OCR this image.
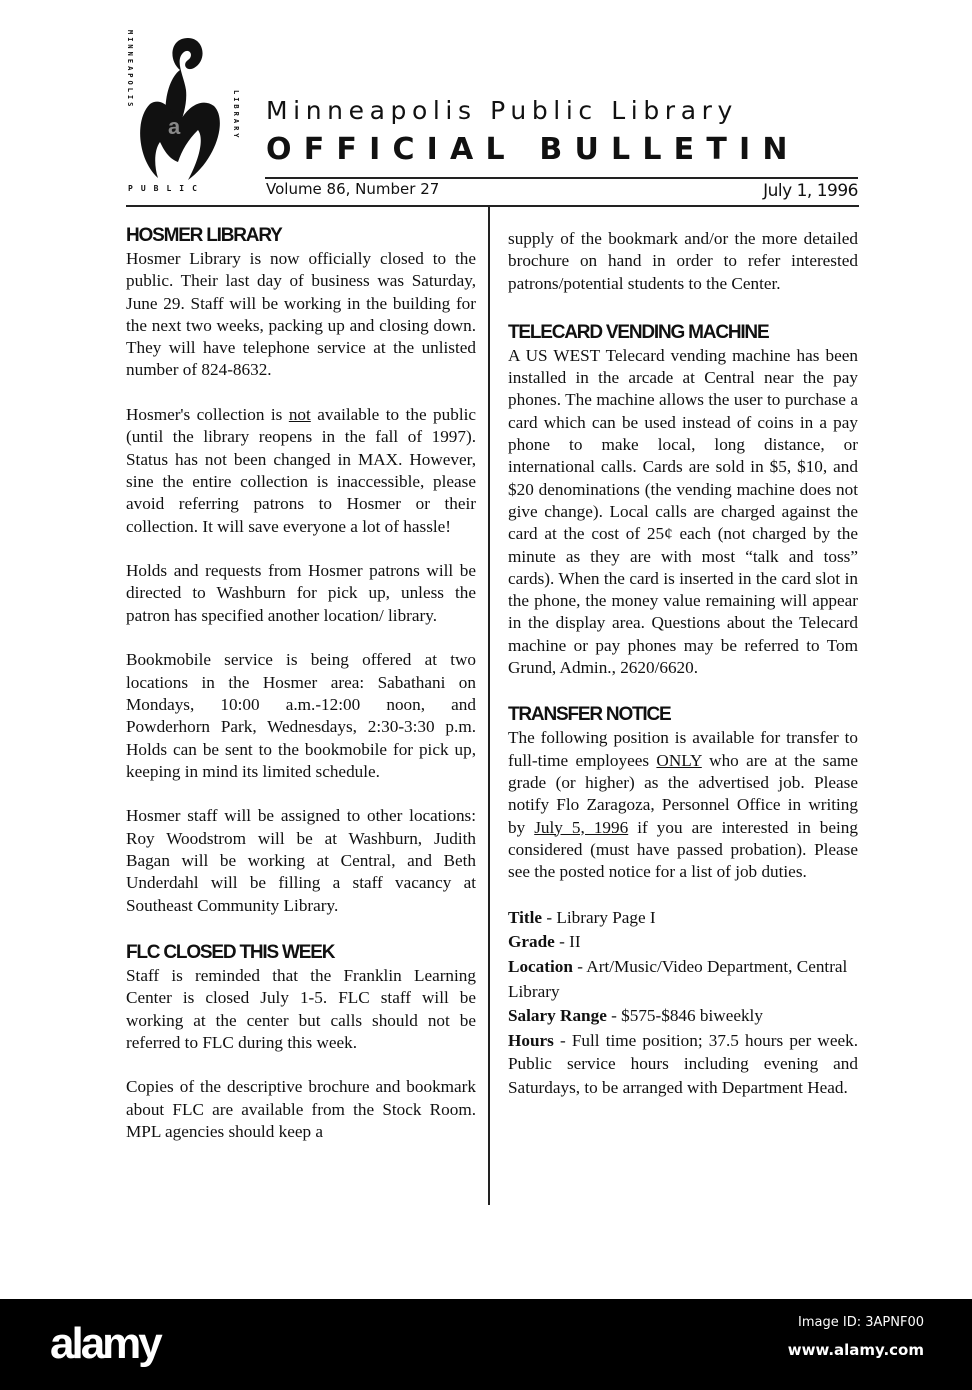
a
MINNEAPOLIS
LIBRARY
PUBLIC
Minneapolis Public Library
OFFICIAL BULLETIN
Volume 86, Number 27	July 1, 1996
HOSMER LIBRARY

Hosmer Library is now officially closed to the public. Their last day of business was Saturday, June 29. Staff will be working in the building for the next two weeks, packing up and closing down. They will have telephone service at the unlisted number of 824-8632.

Hosmer's collection is not available to the public (until the library reopens in the fall of 1997). Status has not been changed in MAX. However, sine the entire collection is inaccessible, please avoid referring patrons to Hosmer or their collection. It will save everyone a lot of hassle!

Holds and requests from Hosmer patrons will be directed to Washburn for pick up, unless the patron has specified another location/ library.

Bookmobile service is being offered at two locations in the Hosmer area: Sabathani on Mondays, 10:00 a.m.-12:00 noon, and Powderhorn Park, Wednesdays, 2:30-3:30 p.m. Holds can be sent to the bookmobile for pick up, keeping in mind its limited schedule.

Hosmer staff will be assigned to other locations: Roy Woodstrom will be at Washburn, Judith Bagan will be working at Central, and Beth Underdahl will be filling a staff vacancy at Southeast Community Library.

FLC CLOSED THIS WEEK

Staff is reminded that the Franklin Learning Center is closed July 1-5. FLC staff will be working at the center but calls should not be referred to FLC during this week.

Copies of the descriptive brochure and bookmark about FLC are available from the Stock Room. MPL agencies should keep a

supply of the bookmark and/or the more detailed brochure on hand in order to refer interested patrons/potential students to the Center.

TELECARD VENDING MACHINE

A US WEST Telecard vending machine has been installed in the arcade at Central near the pay phones. The machine allows the user to purchase a card which can be used instead of coins in a pay phone to make local, long distance, or international calls. Cards are sold in $5, $10, and $20 denominations (the vending machine does not give change). Local calls are charged against the card at the cost of 25¢ each (not charged by the minute as they are with most “talk and toss” cards). When the card is inserted in the card slot in the phone, the money value remaining will appear in the display area. Questions about the Telecard machine or pay phones may be referred to Tom Grund, Admin., 2620/6620.

TRANSFER NOTICE

The following position is available for transfer to full-time employees ONLY who are at the same grade (or higher) as the advertised job. Please notify Flo Zaragoza, Personnel Office in writing by July 5, 1996 if you are interested in being considered (must have passed probation). Please see the posted notice for a list of job duties.

Title - Library Page I

Grade - II

Location - Art/Music/Video Department, Central Library

Salary Range - $575-$846 biweekly

Hours - Full time position; 37.5 hours per week. Public service hours including evening and Saturdays, to be arranged with Department Head.

alamy	Image ID: 3APNF00
www.alamy.com
